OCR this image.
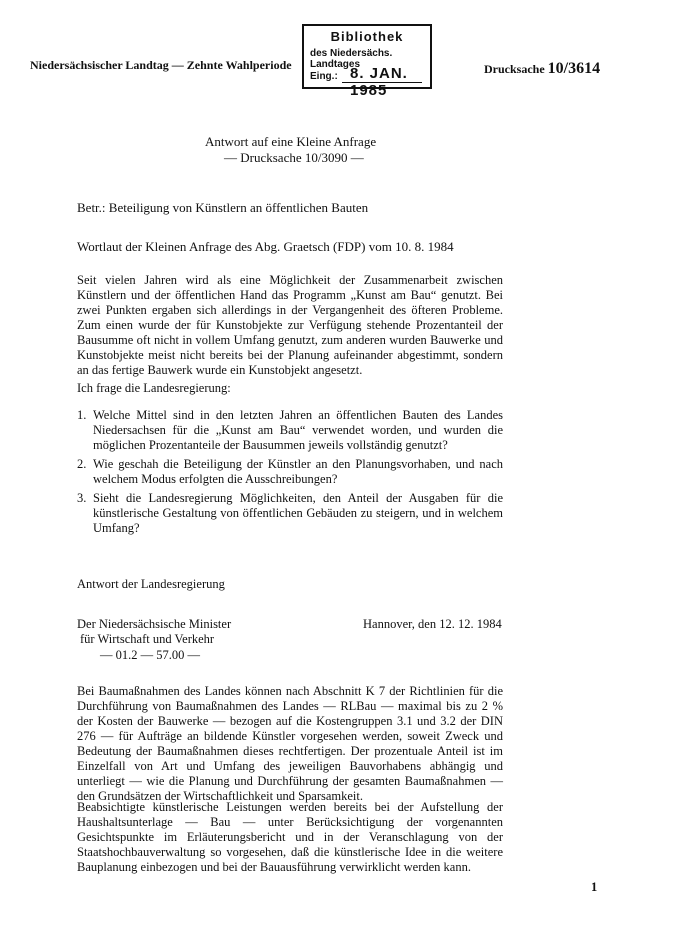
Niedersächsischer Landtag — Zehnte Wahlperiode
Bibliothek
des Niedersächs. Landtages
Eing.: 8. JAN. 1985
Drucksache 10/3614
Antwort auf eine Kleine Anfrage
— Drucksache 10/3090 —
Betr.: Beteiligung von Künstlern an öffentlichen Bauten
Wortlaut der Kleinen Anfrage des Abg. Graetsch (FDP) vom 10. 8. 1984
Seit vielen Jahren wird als eine Möglichkeit der Zusammenarbeit zwischen Künstlern und der öffentlichen Hand das Programm „Kunst am Bau“ genutzt. Bei zwei Punkten ergaben sich allerdings in der Vergangenheit des öfteren Probleme. Zum einen wurde der für Kunstobjekte zur Verfügung stehende Prozentanteil der Bausumme oft nicht in vollem Umfang genutzt, zum anderen wurden Bauwerke und Kunstobjekte meist nicht bereits bei der Planung aufeinander abgestimmt, sondern an das fertige Bauwerk wurde ein Kunstobjekt angesetzt.
Ich frage die Landesregierung:
1. Welche Mittel sind in den letzten Jahren an öffentlichen Bauten des Landes Niedersachsen für die „Kunst am Bau“ verwendet worden, und wurden die möglichen Prozentanteile der Bausummen jeweils vollständig genutzt?
2. Wie geschah die Beteiligung der Künstler an den Planungsvorhaben, und nach welchem Modus erfolgten die Ausschreibungen?
3. Sieht die Landesregierung Möglichkeiten, den Anteil der Ausgaben für die künstlerische Gestaltung von öffentlichen Gebäuden zu steigern, und in welchem Umfang?
Antwort der Landesregierung
Der Niedersächsische Minister
für Wirtschaft und Verkehr
— 01.2 — 57.00 —
Hannover, den 12. 12. 1984
Bei Baumaßnahmen des Landes können nach Abschnitt K 7 der Richtlinien für die Durchführung von Baumaßnahmen des Landes — RLBau — maximal bis zu 2 % der Kosten der Bauwerke — bezogen auf die Kostengruppen 3.1 und 3.2 der DIN 276 — für Aufträge an bildende Künstler vorgesehen werden, soweit Zweck und Bedeutung der Baumaßnahmen dieses rechtfertigen. Der prozentuale Anteil ist im Einzelfall von Art und Umfang des jeweiligen Bauvorhabens abhängig und unterliegt — wie die Planung und Durchführung der gesamten Baumaßnahmen — den Grundsätzen der Wirtschaftlichkeit und Sparsamkeit.
Beabsichtigte künstlerische Leistungen werden bereits bei der Aufstellung der Haushaltsunterlage — Bau — unter Berücksichtigung der vorgenannten Gesichtspunkte im Erläuterungsbericht und in der Veranschlagung von der Staatshochbauverwaltung so vorgesehen, daß die künstlerische Idee in die weitere Bauplanung einbezogen und bei der Bauausführung verwirklicht werden kann.
1
